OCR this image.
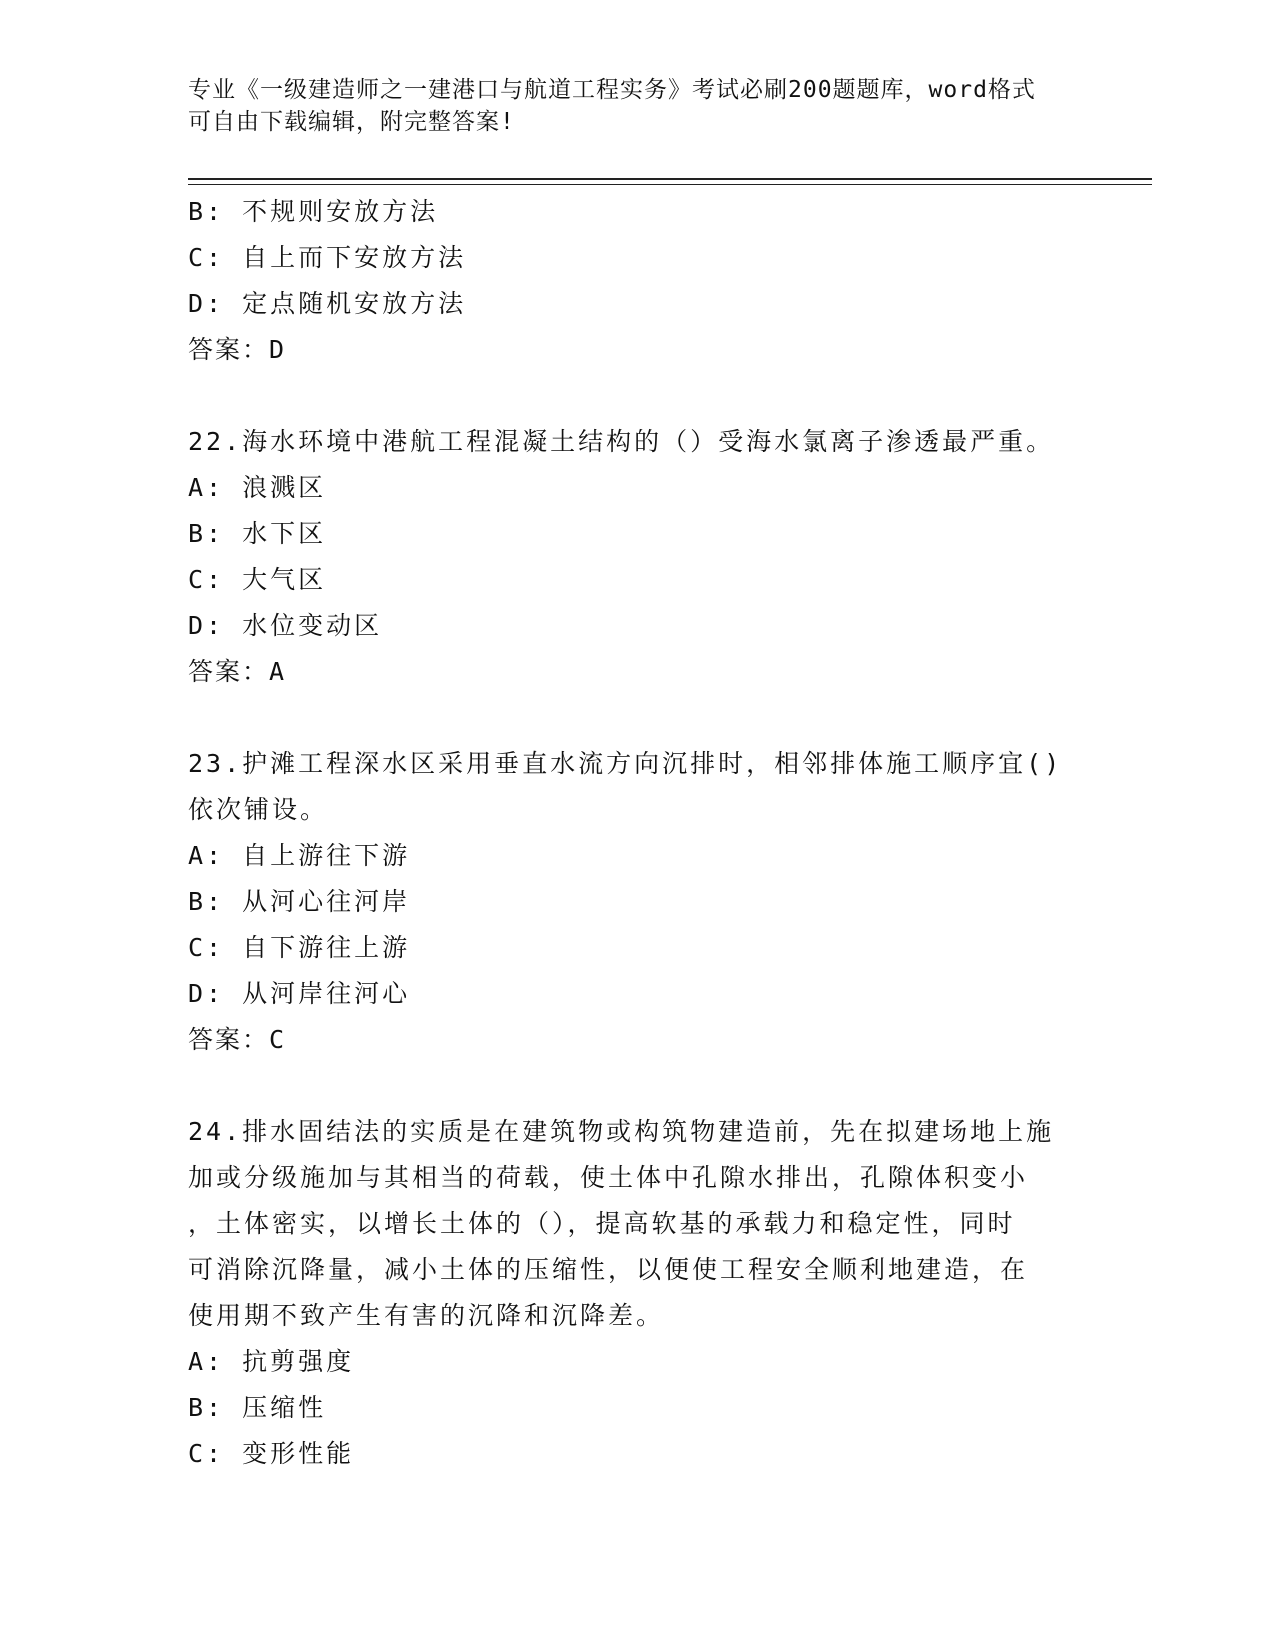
专业《一级建造师之一建港口与航道工程实务》考试必刷200题题库，word格式
可自由下载编辑，附完整答案!
B: 不规则安放方法
C: 自上而下安放方法
D: 定点随机安放方法
答案：D
22.海水环境中港航工程混凝土结构的（）受海水氯离子渗透最严重。
A: 浪溅区
B: 水下区
C: 大气区
D: 水位变动区
答案：A
23.护滩工程深水区采用垂直水流方向沉排时，相邻排体施工顺序宜()
依次铺设。
A: 自上游往下游
B: 从河心往河岸
C: 自下游往上游
D: 从河岸往河心
答案：C
24.排水固结法的实质是在建筑物或构筑物建造前，先在拟建场地上施
加或分级施加与其相当的荷载，使土体中孔隙水排出，孔隙体积变小
，土体密实，以增长土体的（），提高软基的承载力和稳定性，同时
可消除沉降量，减小土体的压缩性，以便使工程安全顺利地建造，在
使用期不致产生有害的沉降和沉降差。
A: 抗剪强度
B: 压缩性
C: 变形性能
